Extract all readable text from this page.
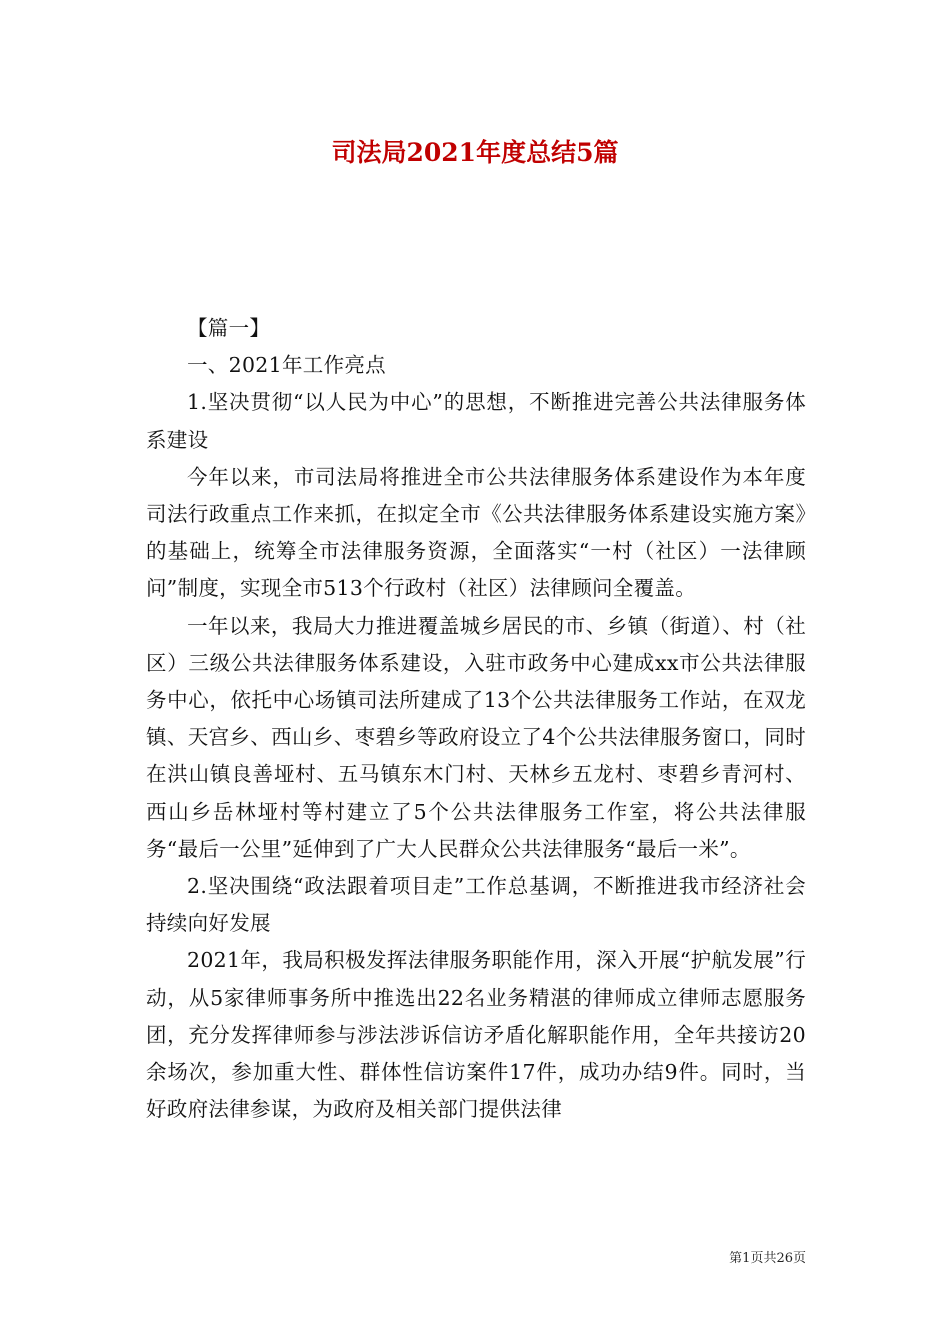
司法局2021年度总结5篇

【篇一】

一、2021年工作亮点

1.坚决贯彻“以人民为中心”的思想，不断推进完善公共法律服务体系建设

今年以来，市司法局将推进全市公共法律服务体系建设作为本年度司法行政重点工作来抓，在拟定全市《公共法律服务体系建设实施方案》的基础上，统筹全市法律服务资源，全面落实“一村（社区）一法律顾问”制度，实现全市513个行政村（社区）法律顾问全覆盖。

一年以来，我局大力推进覆盖城乡居民的市、乡镇（街道）、村（社区）三级公共法律服务体系建设，入驻市政务中心建成xx市公共法律服务中心，依托中心场镇司法所建成了13个公共法律服务工作站，在双龙镇、天宫乡、西山乡、枣碧乡等政府设立了4个公共法律服务窗口，同时在洪山镇良善垭村、五马镇东木门村、天林乡五龙村、枣碧乡青河村、西山乡岳林垭村等村建立了5个公共法律服务工作室，将公共法律服务“最后一公里”延伸到了广大人民群众公共法律服务“最后一米”。

2.坚决围绕“政法跟着项目走”工作总基调，不断推进我市经济社会持续向好发展

2021年，我局积极发挥法律服务职能作用，深入开展“护航发展”行动，从5家律师事务所中推选出22名业务精湛的律师成立律师志愿服务团，充分发挥律师参与涉法涉诉信访矛盾化解职能作用，全年共接访20余场次，参加重大性、群体性信访案件17件，成功办结9件。同时，当好政府法律参谋，为政府及相关部门提供法律

第1页共26页
